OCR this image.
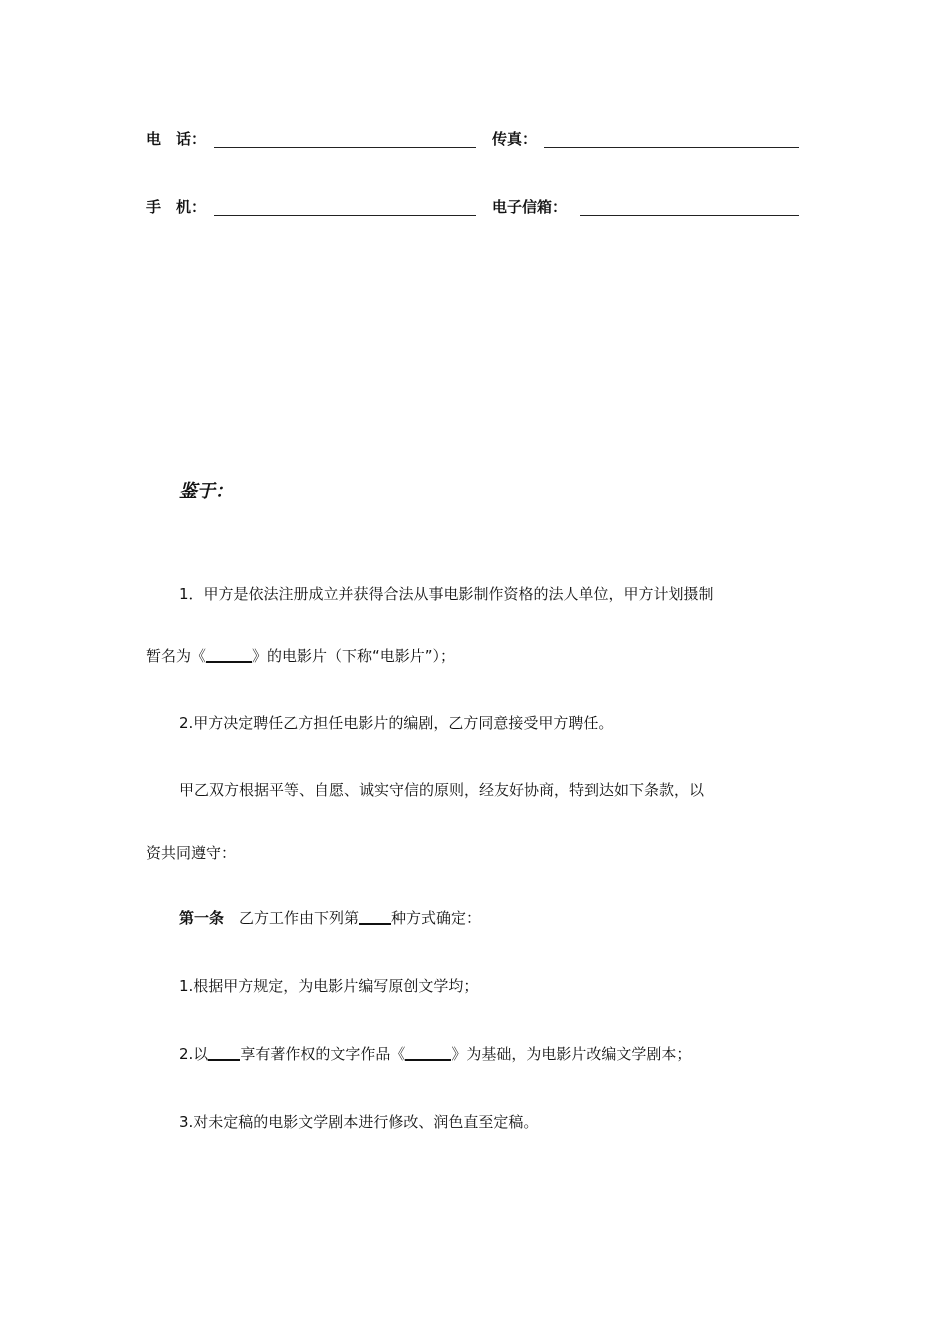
电　话：	传真：
手　机：	电子信箱：
鉴于：
1．甲方是依法注册成立并获得合法从事电影制作资格的法人单位，甲方计划摄制
暂名为《	》的电影片（下称“电影片”）；
2.甲方决定聘任乙方担任电影片的编剧，乙方同意接受甲方聘任。
甲乙双方根据平等、自愿、诚实守信的原则，经友好协商，特到达如下条款，以
资共同遵守：
第一条 乙方工作由下列第 种方式确定：
1.根据甲方规定，为电影片编写原创文学均；
2.以 享有著作权的文字作品《	》为基础，为电影片改编文学剧本；
3.对未定稿的电影文学剧本进行修改、润色直至定稿。
